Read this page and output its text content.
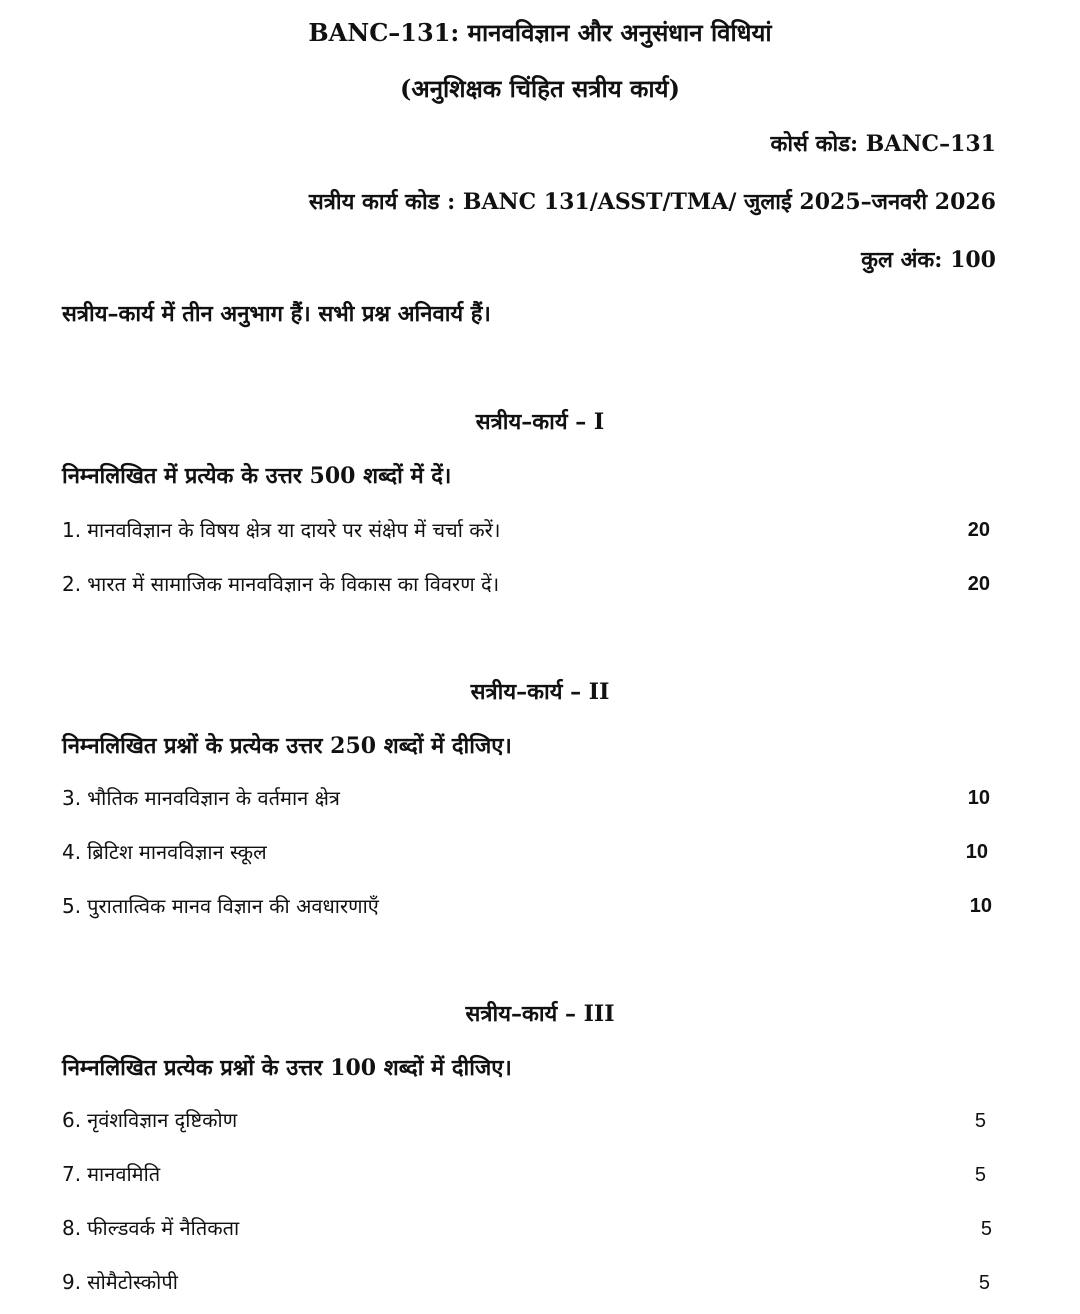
BANC–131: मानवविज्ञान और अनुसंधान विधियां
(अनुशिक्षक चिंहित सत्रीय कार्य)
कोर्स कोड: BANC–131
सत्रीय कार्य कोड : BANC 131/ASST/TMA/ जुलाई 2025–जनवरी 2026
कुल अंक: 100
सत्रीय–कार्य में तीन अनुभाग हैं। सभी प्रश्न अनिवार्य हैं।
सत्रीय–कार्य – I
निम्नलिखित में प्रत्येक के उत्तर 500 शब्दों में दें।
1. मानवविज्ञान के विषय क्षेत्र या दायरे पर संक्षेप में चर्चा करें।	20
2. भारत में सामाजिक मानवविज्ञान के विकास का विवरण दें।	20
सत्रीय–कार्य – II
निम्नलिखित प्रश्नों के प्रत्येक उत्तर 250 शब्दों में दीजिए।
3. भौतिक मानवविज्ञान के वर्तमान क्षेत्र	10
4. ब्रिटिश मानवविज्ञान स्कूल	10
5. पुरातात्विक मानव विज्ञान की अवधारणाएँ	10
सत्रीय–कार्य – III
निम्नलिखित प्रत्येक प्रश्नों के उत्तर 100 शब्दों में दीजिए।
6. नृवंशविज्ञान दृष्टिकोण	5
7. मानवमिति	5
8. फील्डवर्क में नैतिकता	5
9. सोमैटोस्कोपी	5
